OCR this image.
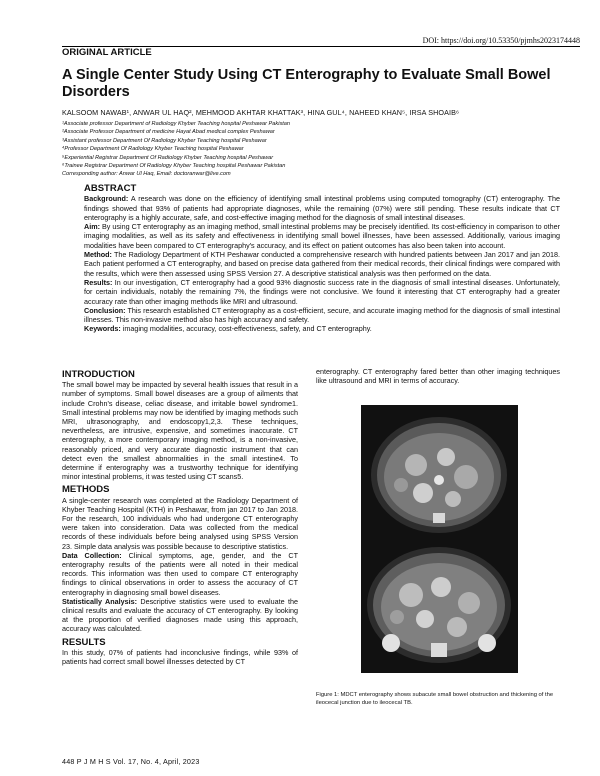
DOI: https://doi.org/10.53350/pjmhs2023174448
ORIGINAL ARTICLE
A Single Center Study Using CT Enterography to Evaluate Small Bowel Disorders
KALSOOM NAWAB¹, ANWAR UL HAQ², MEHMOOD AKHTAR KHATTAK³, HINA GUL⁴, NAHEED KHAN⁵, IRSA SHOAIB⁶
¹Associate professor Department of Radiology Khyber Teaching hospital Peshawar Pakistan
²Associate Professor Department of medicine Hayat Abad medical complex Peshawar
³Assistant professor Department Of Radiology Khyber Teaching hospital Peshawar
⁴Professor Department Of Radiology Khyber Teaching hospital Peshawar
⁵Experiential Registrar Department Of Radiology Khyber Teaching hospital Peshawar
⁶Trainee Registrar Department Of Radiology Khyber Teaching hospital Peshawar Pakistan
Corresponding author: Anwar Ul Haq, Email: doctoranwar@live.com
ABSTRACT

Background: A research was done on the efficiency of identifying small intestinal problems using computed tomography (CT) enterography. The findings showed that 93% of patients had appropriate diagnoses, while the remaining (07%) were still pending. These results indicate that CT enterography is a highly accurate, safe, and cost-effective imaging method for the diagnosis of small intestinal diseases.

Aim: By using CT enterography as an imaging method, small intestinal problems may be precisely identified. Its cost-efficiency in comparison to other imaging modalities, as well as its safety and effectiveness in identifying small bowel illnesses, have been assessed. Additionally, various imaging modalities have been compared to CT enterography's accuracy, and its effect on patient outcomes has also been taken into account.

Method: The Radiology Department of KTH Peshawar conducted a comprehensive research with hundred patients between Jan 2017 and jan 2018. Each patient performed a CT enterography, and based on precise data gathered from their medical records, their clinical findings were compared with the results, which were then assessed using SPSS Version 27. A descriptive statistical analysis was then performed on the data.

Results: In our investigation, CT enterography had a good 93% diagnostic success rate in the diagnosis of small intestinal diseases. Unfortunately, for certain individuals, notably the remaining 7%, the findings were not conclusive. We found it interesting that CT enterography had a greater accuracy rate than other imaging methods like MRI and ultrasound.

Conclusion: This research established CT enterography as a cost-efficient, secure, and accurate imaging method for the diagnosis of small intestinal illnesses. This non-invasive method also has high accuracy and safety.

Keywords: imaging modalities, accuracy, cost-effectiveness, safety, and CT enterography.

INTRODUCTION

The small bowel may be impacted by several health issues that result in a number of symptoms. Small bowel diseases are a group of ailments that include Crohn's disease, celiac disease, and irritable bowel syndrome1. Small intestinal problems may now be identified by imaging methods such MRI, ultrasonography, and endoscopy1,2,3. These techniques, nevertheless, are intrusive, expensive, and sometimes inaccurate. CT enterography, a more contemporary imaging method, is a non-invasive, reasonably priced, and very accurate diagnostic instrument that can detect even the smallest abnormalities in the small intestine4. To determine if enterography was a trustworthy technique for identifying minor intestinal problems, it was tested using CT scans5.

METHODS

A single-center research was completed at the Radiology Department of Khyber Teaching Hospital (KTH) in Peshawar, from jan 2017 to Jan 2018. For the research, 100 individuals who had undergone CT enterography were taken into consideration. Data was collected from the medical records of these individuals before being analysed using SPSS Version 23. Simple data analysis was possible because to descriptive statistics.

Data Collection: Clinical symptoms, age, gender, and the CT enterography results of the patients were all noted in their medical records. This information was then used to compare CT enterography findings to clinical observations in order to assess the accuracy of CT enterography in diagnosing small bowel diseases.

Statistically Analysis: Descriptive statistics were used to evaluate the clinical results and evaluate the accuracy of CT enterography. By looking at the proportion of verified diagnoses made using this approach, accuracy was calculated.

RESULTS

In this study, 07% of patients had inconclusive findings, while 93% of patients had correct small bowel illnesses detected by CT

enterography. CT enterography fared better than other imaging techniques like ultrasound and MRI in terms of accuracy.

Figure 1: MDCT enterography shows subacute small bowel obstruction and thickening of the ileocecal junction due to ileocecal TB.
448 P J M H S Vol. 17, No. 4, April, 2023
